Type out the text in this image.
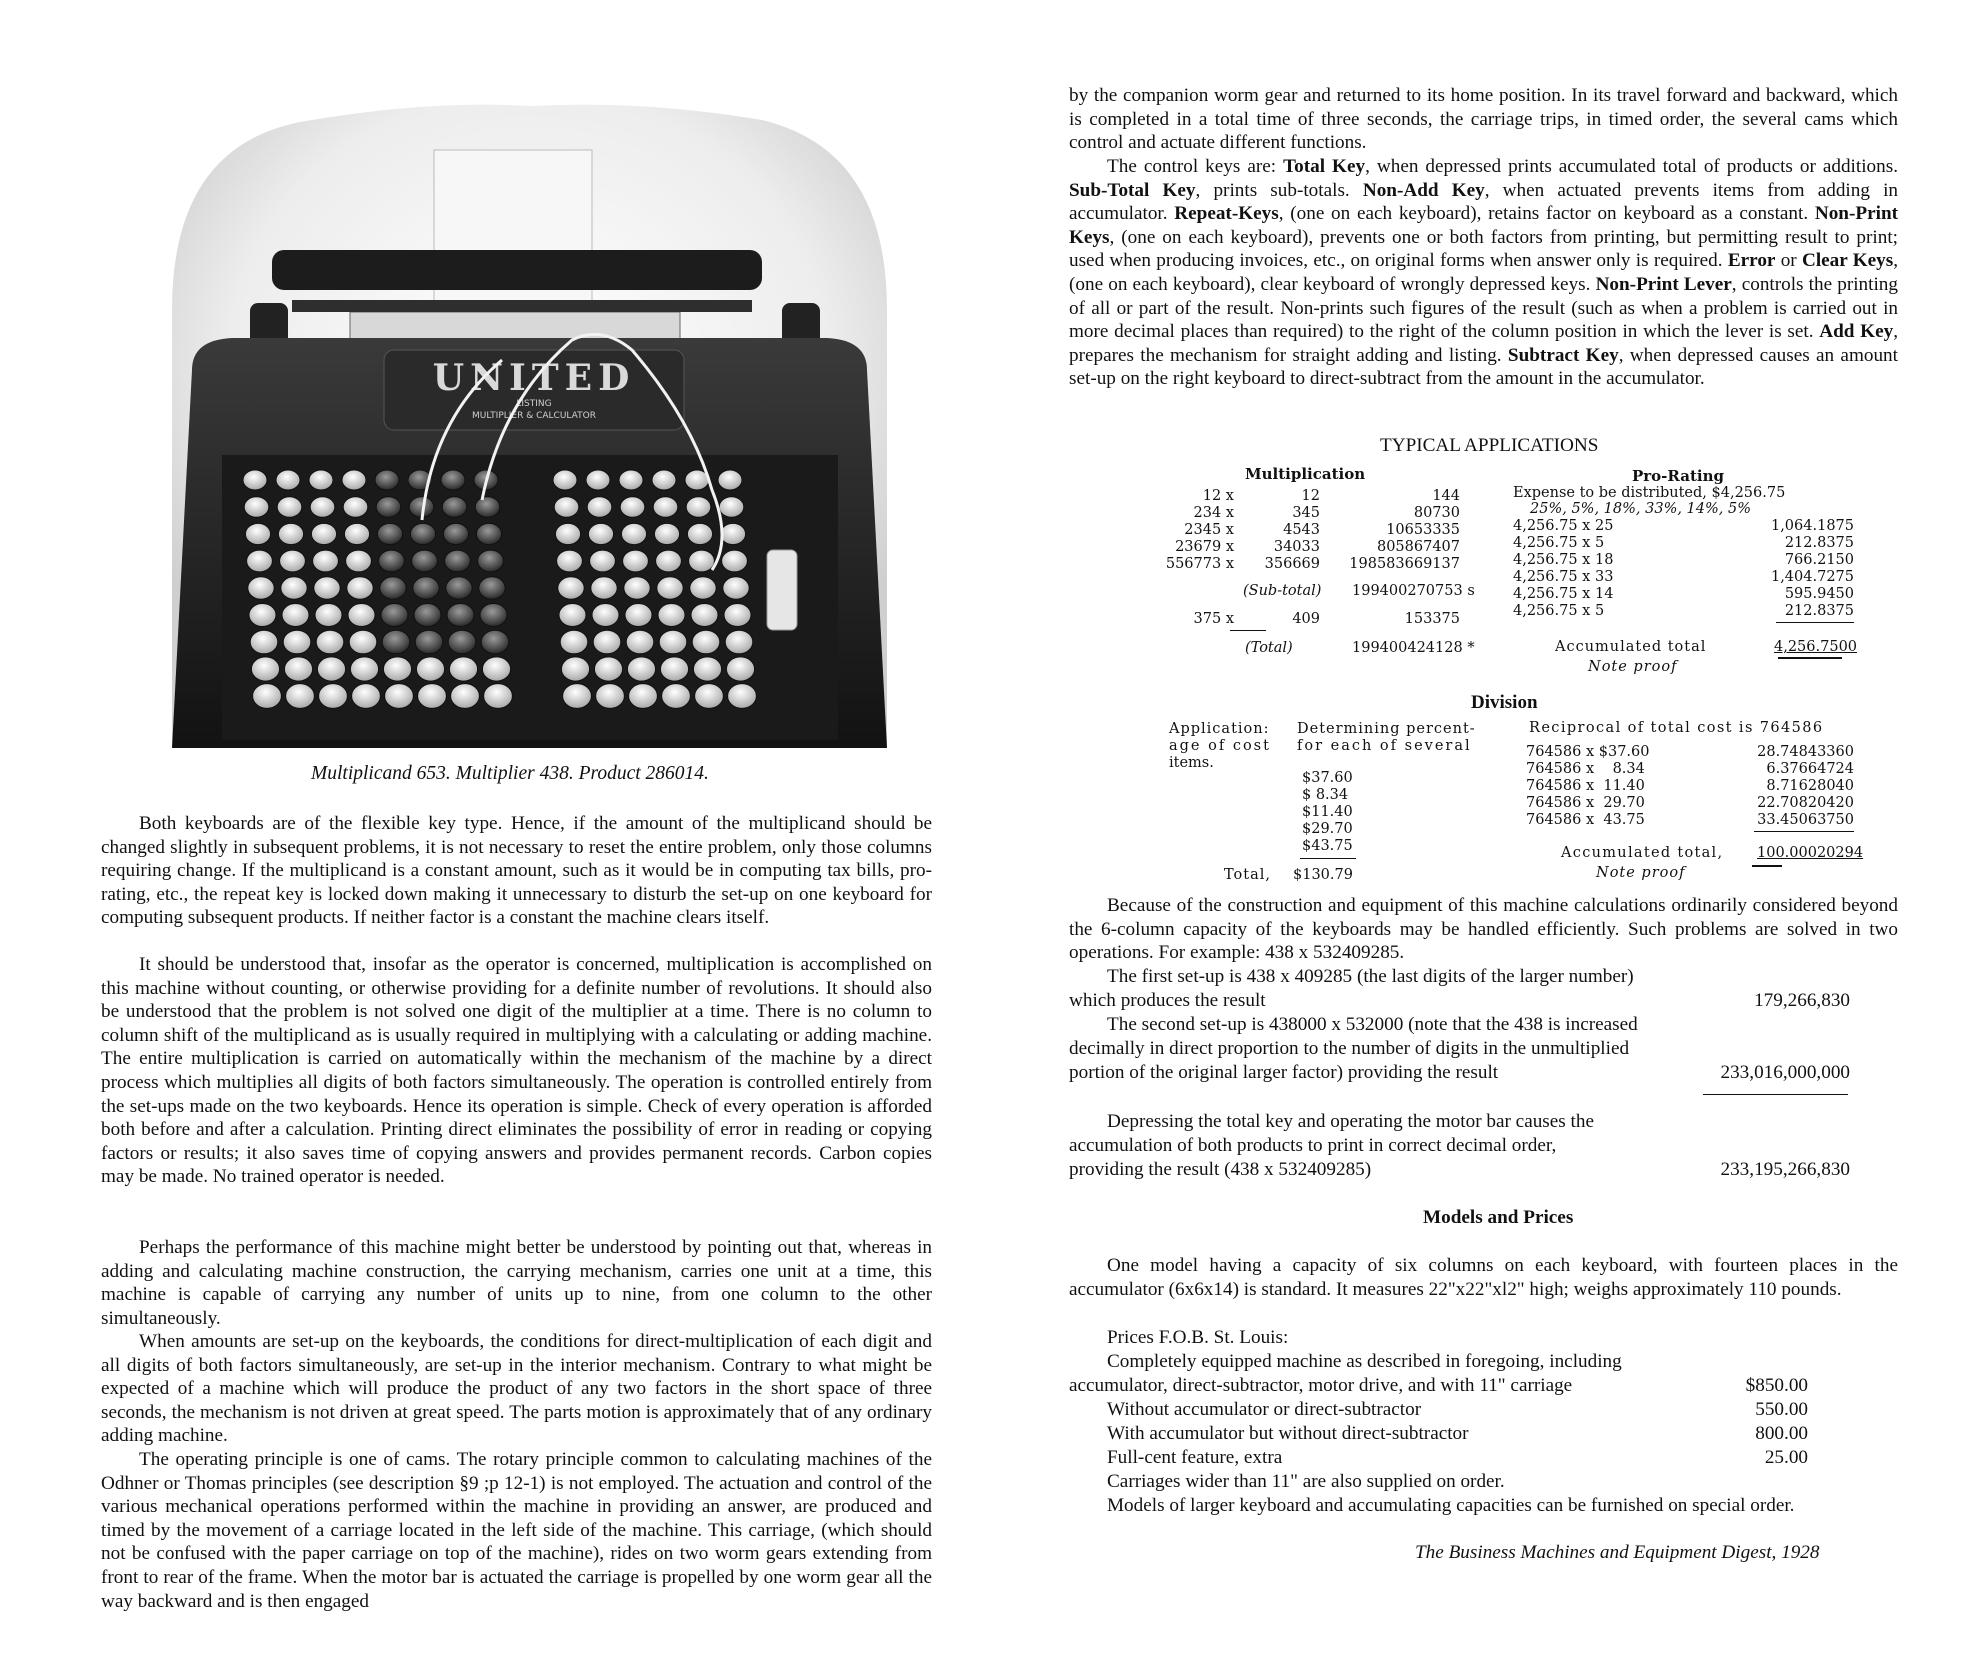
UNITED
LISTING
MULTIPLIER & CALCULATOR
Multiplicand 653. Multiplier 438. Product 286014.
Both keyboards are of the flexible key type. Hence, if the amount of the multiplicand should be changed slightly in subsequent problems, it is not necessary to reset the entire problem, only those columns requiring change. If the multiplicand is a constant amount, such as it would be in computing tax bills, pro-rating, etc., the repeat key is locked down making it unnecessary to disturb the set-up on one keyboard for computing subsequent products. If neither factor is a constant the machine clears itself.
It should be understood that, insofar as the operator is concerned, multiplication is accomplished on this machine without counting, or otherwise providing for a definite number of revolutions. It should also be understood that the problem is not solved one digit of the multiplier at a time. There is no column to column shift of the multiplicand as is usually required in multiplying with a calculating or adding machine. The entire multiplication is carried on automatically within the mechanism of the machine by a direct process which multiplies all digits of both factors simultaneously. The operation is controlled entirely from the set-ups made on the two keyboards. Hence its operation is simple. Check of every operation is afforded both before and after a calculation. Printing direct eliminates the possibility of error in reading or copying factors or results; it also saves time of copying answers and provides permanent records. Carbon copies may be made. No trained operator is needed.
Perhaps the performance of this machine might better be understood by pointing out that, whereas in adding and calculating machine construction, the carrying mechanism, carries one unit at a time, this machine is capable of carrying any number of units up to nine, from one column to the other simultaneously.
When amounts are set-up on the keyboards, the conditions for direct-multiplication of each digit and all digits of both factors simultaneously, are set-up in the interior mechanism. Contrary to what might be expected of a machine which will produce the product of any two factors in the short space of three seconds, the mechanism is not driven at great speed. The parts motion is approximately that of any ordinary adding machine.
The operating principle is one of cams. The rotary principle common to calculating machines of the Odhner or Thomas principles (see description §9 ;p 12-1) is not employed. The actuation and control of the various mechanical operations performed within the machine in providing an answer, are produced and timed by the movement of a carriage located in the left side of the machine. This carriage, (which should not be confused with the paper carriage on top of the machine), rides on two worm gears extending from front to rear of the frame. When the motor bar is actuated the carriage is propelled by one worm gear all the way backward and is then engaged
by the companion worm gear and returned to its home position. In its travel forward and backward, which is completed in a total time of three seconds, the carriage trips, in timed order, the several cams which control and actuate different functions.
The control keys are: Total Key, when depressed prints accumulated total of products or additions. Sub-Total Key, prints sub-totals. Non-Add Key, when actuated prevents items from adding in accumulator. Repeat-Keys, (one on each keyboard), retains factor on keyboard as a constant. Non-Print Keys, (one on each keyboard), prevents one or both factors from printing, but permitting result to print; used when producing invoices, etc., on original forms when answer only is required. Error or Clear Keys, (one on each keyboard), clear keyboard of wrongly depressed keys. Non-Print Lever, controls the printing of all or part of the result. Non-prints such figures of the result (such as when a problem is carried out in more decimal places than required) to the right of the column position in which the lever is set. Add Key, prepares the mechanism for straight adding and listing. Subtract Key, when depressed causes an amount set-up on the right keyboard to direct-subtract from the amount in the accumulator.
TYPICAL APPLICATIONS
Multiplication
12 x	12	144
234 x	345	80730
2345 x	4543	10653335
23679 x	34033	805867407
556773 x	356669	198583669137
(Sub-total) 199400270753 s
375 x	409	153375
(Total)	199400424128 *
Pro-Rating
Expense to be distributed, $4,256.75
25%, 5%, 18%, 33%, 14%, 5%
4,256.75 x 25	1,064.1875
4,256.75 x 5	212.8375
4,256.75 x 18	766.2150
4,256.75 x 33	1,404.7275
4,256.75 x 14	595.9450
4,256.75 x 5	212.8375
Accumulated total	4,256.7500
Note proof
Division
Application:
age of cost
items.
Determining percent-
for each of several
$37.60
$ 8.34
$11.40
$29.70
$43.75
Total, $130.79
Reciprocal of total cost is 764586
764586 x $37.60	28.74843360
764586 x    8.34	6.37664724
764586 x  11.40	8.71628040
764586 x  29.70	22.70820420
764586 x  43.75	33.45063750
Accumulated total, 100.00020294
Note proof
Because of the construction and equipment of this machine calculations ordinarily considered beyond the 6-column capacity of the keyboards may be handled efficiently. Such problems are solved in two operations. For example: 438 x 532409285.
The first set-up is 438 x 409285 (the last digits of the larger number)
which produces the result	179,266,830
The second set-up is 438000 x 532000 (note that the 438 is increased
decimally in direct proportion to the number of digits in the unmultiplied
portion of the original larger factor) providing the result	233,016,000,000
Depressing the total key and operating the motor bar causes the
accumulation of both products to print in correct decimal order,
providing the result (438 x 532409285)	233,195,266,830
Models and Prices
One model having a capacity of six columns on each keyboard, with fourteen places in the accumulator (6x6x14) is standard. It measures 22"x22"xl2" high; weighs approximately 110 pounds.
Prices F.O.B. St. Louis:
Completely equipped machine as described in foregoing, including
accumulator, direct-subtractor, motor drive, and with 11" carriage	$850.00
Without accumulator or direct-subtractor	550.00
With accumulator but without direct-subtractor	800.00
Full-cent feature, extra	25.00
Carriages wider than 11" are also supplied on order.
Models of larger keyboard and accumulating capacities can be furnished on special order.
The Business Machines and Equipment Digest, 1928
